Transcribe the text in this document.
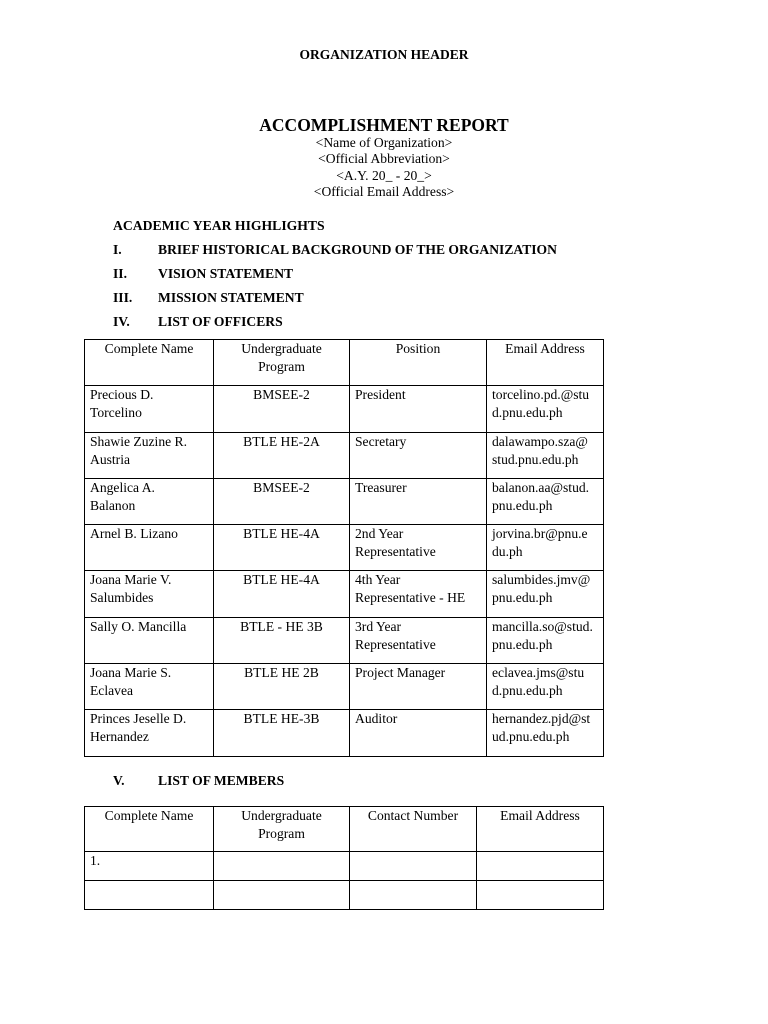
ORGANIZATION HEADER
ACCOMPLISHMENT REPORT
<Name of Organization>
<Official Abbreviation>
<A.Y. 20_ - 20_>
<Official Email Address>
ACADEMIC YEAR HIGHLIGHTS
I.	BRIEF HISTORICAL BACKGROUND OF THE ORGANIZATION
II.	VISION STATEMENT
III.	MISSION STATEMENT
IV.	LIST OF OFFICERS
Complete Name	Undergraduate Program	Position	Email Address
Precious D. Torcelino	BMSEE-2	President	torcelino.pd.@stud.pnu.edu.ph
Shawie Zuzine R. Austria	BTLE HE-2A	Secretary	dalawampo.sza@stud.pnu.edu.ph
Angelica A. Balanon	BMSEE-2	Treasurer	balanon.aa@stud.pnu.edu.ph
Arnel B. Lizano	BTLE HE-4A	2nd Year Representative	jorvina.br@pnu.edu.ph
Joana Marie V. Salumbides	BTLE HE-4A	4th Year Representative - HE	salumbides.jmv@pnu.edu.ph
Sally O. Mancilla	BTLE - HE 3B	3rd Year Representative	mancilla.so@stud.pnu.edu.ph
Joana Marie S. Eclavea	BTLE HE 2B	Project Manager	eclavea.jms@stud.pnu.edu.ph
Princes Jeselle D. Hernandez	BTLE HE-3B	Auditor	hernandez.pjd@stud.pnu.edu.ph
V.	LIST OF MEMBERS
Complete Name	Undergraduate Program	Contact Number	Email Address
1.			
